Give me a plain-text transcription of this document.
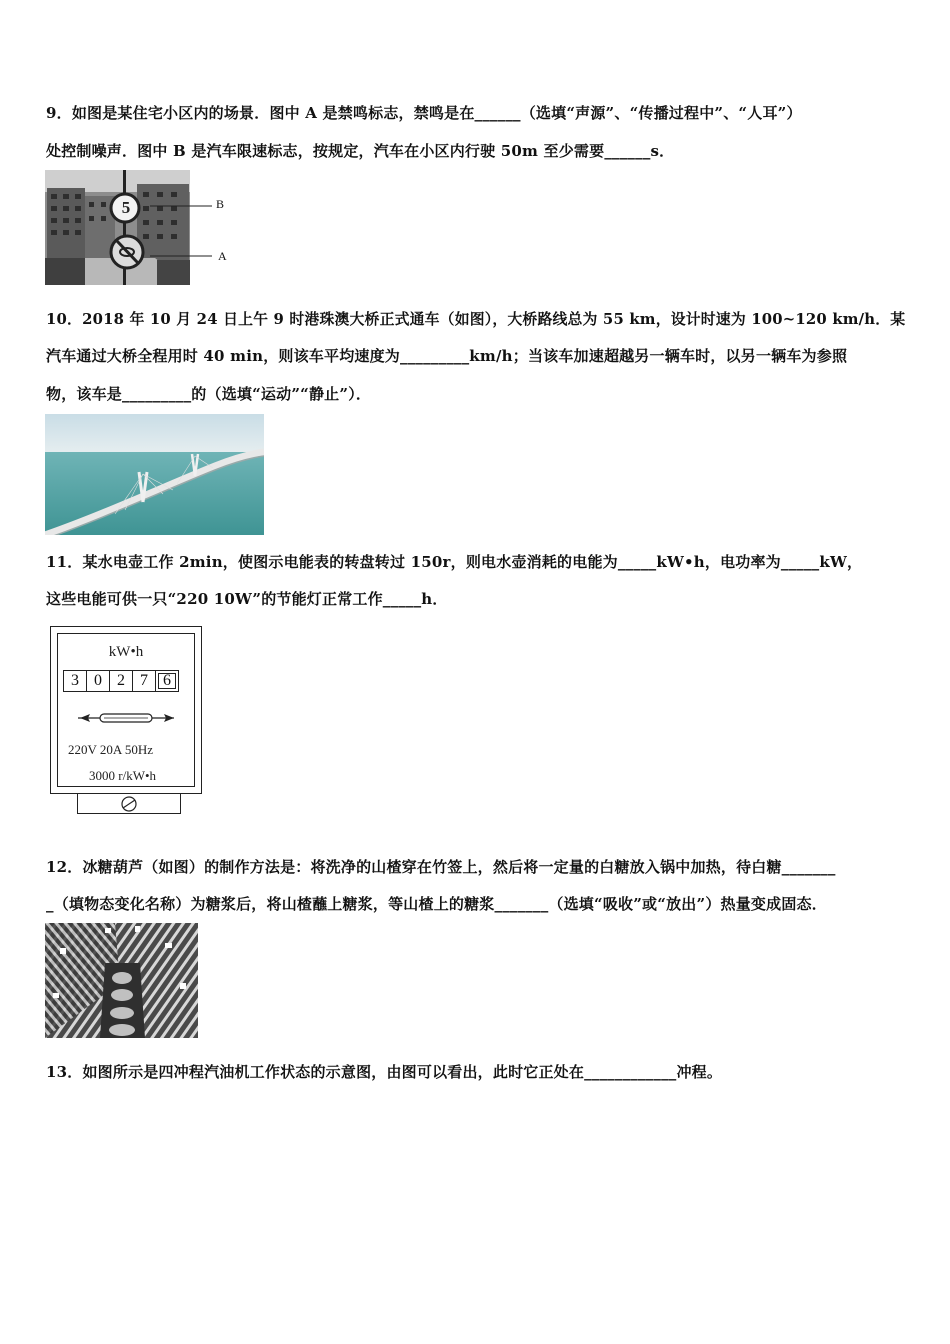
9．如图是某住宅小区内的场景．图中 A 是禁鸣标志，禁鸣是在______（选填“声源”、“传播过程中”、“人耳”）
处控制噪声．图中 B 是汽车限速标志，按规定，汽车在小区内行驶 50m 至少需要______s．
5	B
A
10．2018 年 10 月 24 日上午 9 时港珠澳大桥正式通车（如图），大桥路线总为 55 km，设计时速为 100~120 km/h．某
汽车通过大桥全程用时 40 min，则该车平均速度为_________km/h；当该车加速超越另一辆车时，以另一辆车为参照
物，该车是_________的（选填“运动”“静止”）．
11．某水电壶工作 2min，使图示电能表的转盘转过 150r，则电水壶消耗的电能为_____kW•h，电功率为_____kW，
这些电能可供一只“220 10W”的节能灯正常工作_____h．
kW•h
3 0 2 7 6
220V 20A 50Hz
3000 r/kW•h
12．冰糖葫芦（如图）的制作方法是：将洗净的山楂穿在竹签上，然后将一定量的白糖放入锅中加热，待白糖_______
_（填物态变化名称）为糖浆后，将山楂蘸上糖浆，等山楂上的糖浆_______（选填“吸收”或“放出”）热量变成固态．
13．如图所示是四冲程汽油机工作状态的示意图，由图可以看出，此时它正处在____________冲程。
